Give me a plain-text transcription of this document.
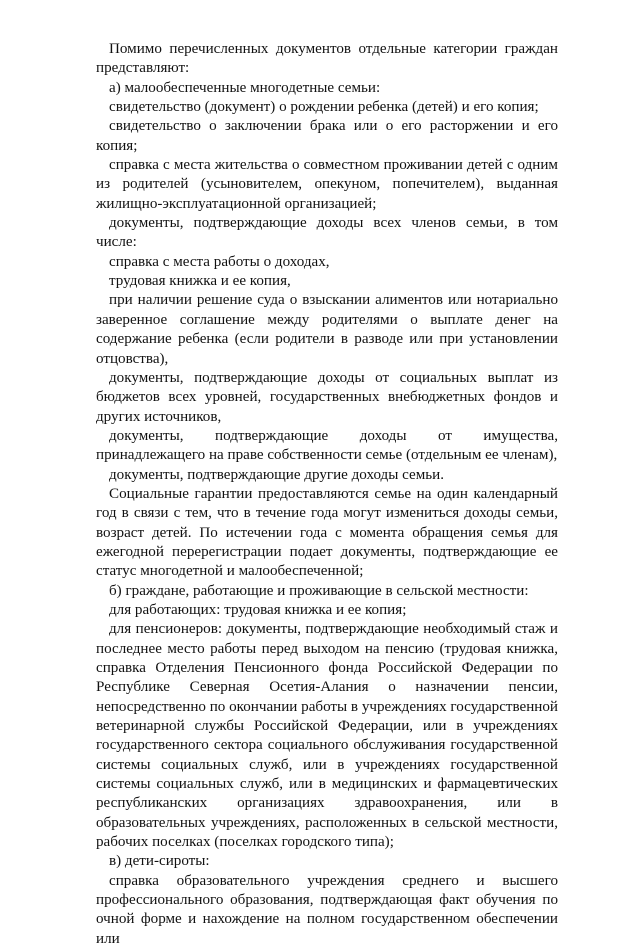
Помимо перечисленных документов отдельные категории граждан представляют:

а) малообеспеченные многодетные семьи:

свидетельство (документ) о рождении ребенка (детей) и его копия;

свидетельство о заключении брака или о его расторжении и его копия;

справка с места жительства о совместном проживании детей с одним из родителей (усыновителем, опекуном, попечителем), выданная жилищно-эксплуатационной организацией;

документы, подтверждающие доходы всех членов семьи, в том числе:

справка с места работы о доходах,

трудовая книжка и ее копия,

при наличии решение суда о взыскании алиментов или нотариально заверенное соглашение между родителями о выплате денег на содержание ребенка (если родители в разводе или при установлении отцовства),

документы, подтверждающие доходы от социальных выплат из бюджетов всех уровней, государственных внебюджетных фондов и других источников,

документы, подтверждающие доходы от имущества, принадлежащего на праве собственности семье (отдельным ее членам),

документы, подтверждающие другие доходы семьи.

Социальные гарантии предоставляются семье на один календарный год в связи с тем, что в течение года могут измениться доходы семьи, возраст детей. По истечении года с момента обращения семья для ежегодной перерегистрации подает документы, подтверждающие ее статус многодетной и малообеспеченной;

б) граждане, работающие и проживающие в сельской местности:

для работающих: трудовая книжка и ее копия;

для пенсионеров: документы, подтверждающие необходимый стаж и последнее место работы перед выходом на пенсию (трудовая книжка, справка Отделения Пенсионного фонда Российской Федерации по Республике Северная Осетия-Алания о назначении пенсии, непосредственно по окончании работы в учреждениях государственной ветеринарной службы Российской Федерации, или в учреждениях государственного сектора социального обслуживания государственной системы социальных служб, или в учреждениях государственной системы социальных служб, или в медицинских и фармацевтических республиканских организациях здравоохранения, или в образовательных учреждениях, расположенных в сельской местности, рабочих поселках (поселках городского типа);

в) дети-сироты:

справка образовательного учреждения среднего и высшего профессионального образования, подтверждающая факт обучения по очной форме и нахождение на полном государственном обеспечении или
